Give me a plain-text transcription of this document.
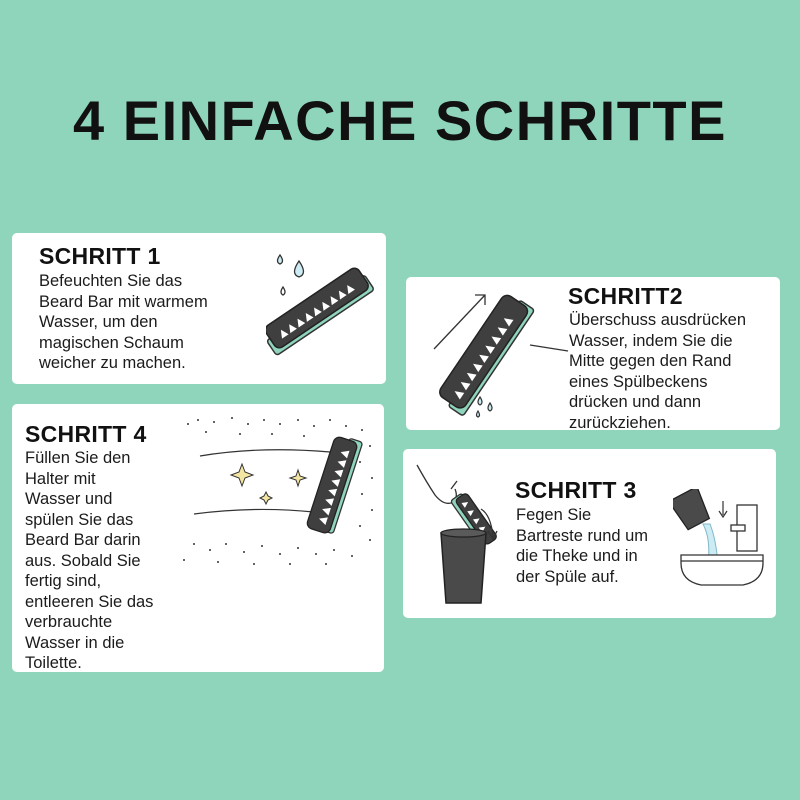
4 EINFACHE SCHRITTE
SCHRITT 1

Befeuchten Sie das
Beard Bar mit warmem
Wasser, um den
magischen Schaum
weicher zu machen.

SCHRITT2

Überschuss ausdrücken
Wasser, indem Sie die
Mitte gegen den Rand
eines Spülbeckens
drücken und dann
zurückziehen.

SCHRITT 3

Fegen Sie
Bartreste rund um
die Theke und in
der Spüle auf.

SCHRITT 4

Füllen Sie den
Halter mit
Wasser und
spülen Sie das
Beard Bar darin
aus. Sobald Sie
fertig sind,
entleeren Sie das
verbrauchte
Wasser in die
Toilette.
